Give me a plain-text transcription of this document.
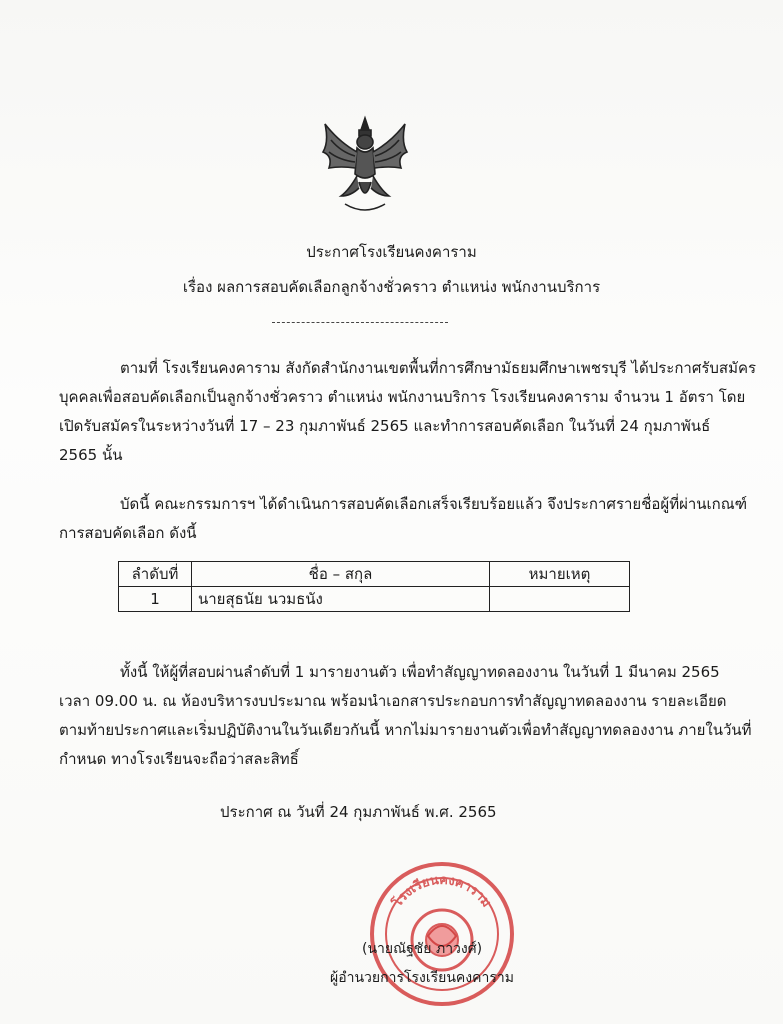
ประกาศโรงเรียนคงคาราม
เรื่อง ผลการสอบคัดเลือกลูกจ้างชั่วคราว ตำแหน่ง พนักงานบริการ
ตามที่ โรงเรียนคงคาราม สังกัดสำนักงานเขตพื้นที่การศึกษามัธยมศึกษาเพชรบุรี ได้ประกาศรับสมัคร
บุคคลเพื่อสอบคัดเลือกเป็นลูกจ้างชั่วคราว ตำแหน่ง พนักงานบริการ โรงเรียนคงคาราม จำนวน 1 อัตรา โดย
เปิดรับสมัครในระหว่างวันที่ 17 – 23 กุมภาพันธ์ 2565 และทำการสอบคัดเลือก ในวันที่ 24 กุมภาพันธ์
2565 นั้น
บัดนี้ คณะกรรมการฯ ได้ดำเนินการสอบคัดเลือกเสร็จเรียบร้อยแล้ว จึงประกาศรายชื่อผู้ที่ผ่านเกณฑ์
การสอบคัดเลือก ดังนี้
ลำดับที่	ชื่อ – สกุล	หมายเหตุ
1	นายสุธนัย นวมธนัง	
ทั้งนี้ ให้ผู้ที่สอบผ่านลำดับที่ 1 มารายงานตัว เพื่อทำสัญญาทดลองงาน ในวันที่ 1 มีนาคม 2565
เวลา 09.00 น. ณ ห้องบริหารงบประมาณ พร้อมนำเอกสารประกอบการทำสัญญาทดลองงาน รายละเอียด
ตามท้ายประกาศและเริ่มปฏิบัติงานในวันเดียวกันนี้ หากไม่มารายงานตัวเพื่อทำสัญญาทดลองงาน ภายในวันที่
กำหนด ทางโรงเรียนจะถือว่าสละสิทธิ์
ประกาศ ณ วันที่ 24 กุมภาพันธ์ พ.ศ. 2565
โรงเรียนคงคาราม
(นายณัฐชัย ภาวงศ์)
ผู้อำนวยการโรงเรียนคงคาราม
